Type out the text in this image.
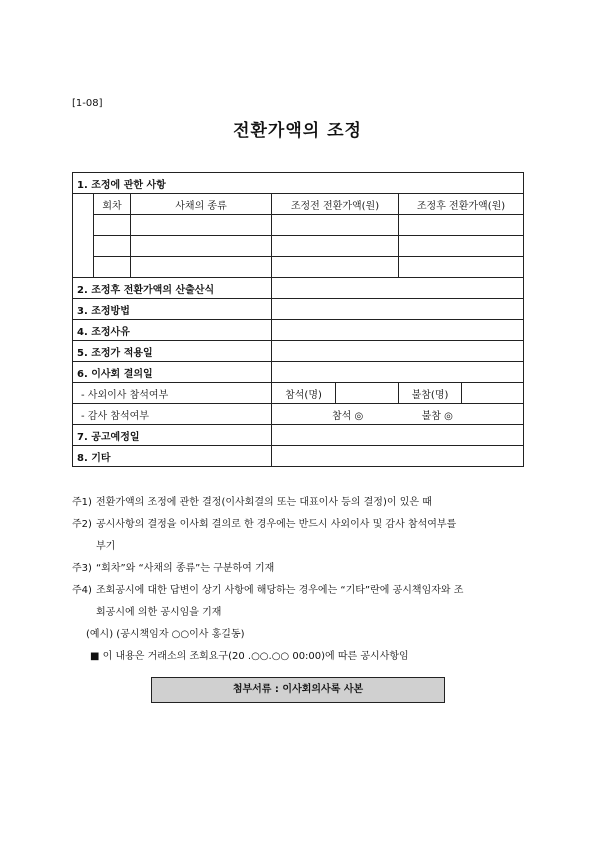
[1-08]
전환가액의 조정
1. 조정에 관한 사항						
	회차	사채의 종류	조정전 전환가액(원)		조정후 전환가액(원)	

2. 조정후 전환가액의 산출산식						
3. 조정방법						
4. 조정사유						
5. 조정가 적용일						
6. 이사회 결의일						
- 사외이사 참석여부			참석(명)		불참(명)	
- 감사 참석여부			참석 ◎ 불참 ◎			
7. 공고예정일						
8. 기타						
주1) 전환가액의 조정에 관한 결정(이사회결의 또는 대표이사 등의 결정)이 있은 때
주2) 공시사항의 결정을 이사회 결의로 한 경우에는 반드시 사외이사 및 감사 참석여부를
부기
주3) “회차”와 “사채의 종류”는 구분하여 기재
주4) 조회공시에 대한 답변이 상기 사항에 해당하는 경우에는 “기타”란에 공시책임자와 조
회공시에 의한 공시임을 기재
(예시) (공시책임자 ○○이사 홍길동)
■ 이 내용은 거래소의 조회요구(20 .○○.○○ 00:00)에 따른 공시사항임
첨부서류 : 이사회의사록 사본
